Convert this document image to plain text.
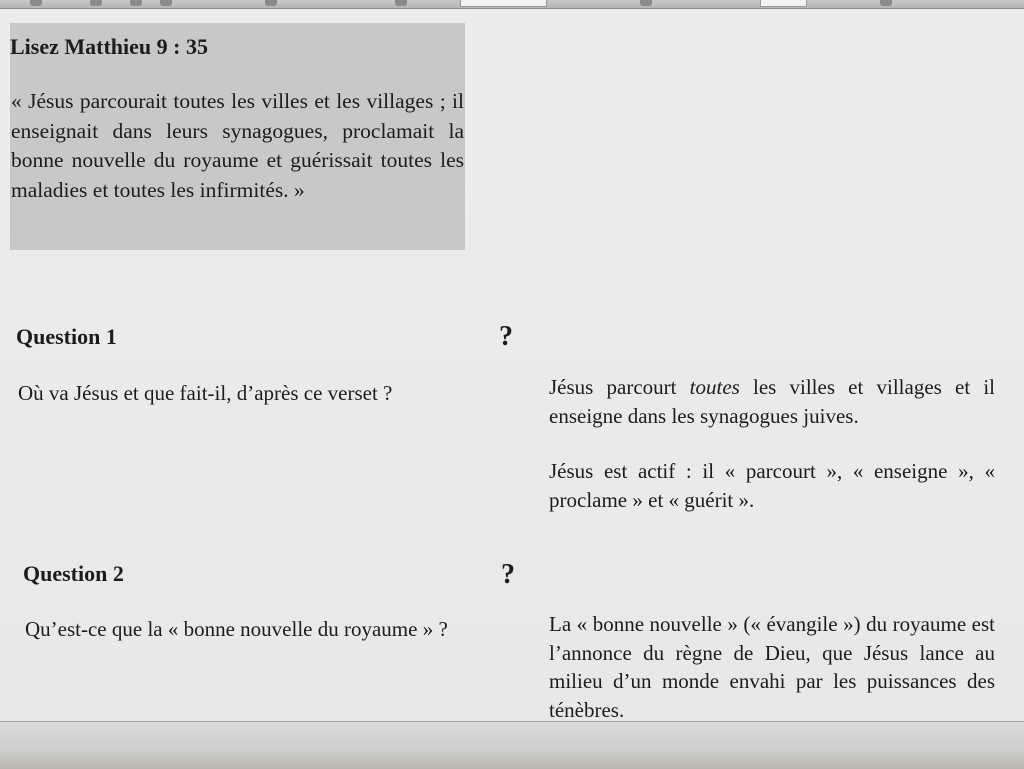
Lisez Matthieu 9 : 35

« Jésus parcourait toutes les villes et les villages ; il enseignait dans leurs synagogues, proclamait la bonne nouvelle du royaume et guérissait toutes les maladies et toutes les infirmités. »

Question 1	?

Où va Jésus et que fait-il, d’après ce verset ?	Jésus parcourt toutes les villes et villages et il enseigne dans les synagogues juives.
Jésus est actif : il « parcourt », « enseigne », « proclame » et « guérit ».

Question 2	?

Qu’est-ce que la « bonne nouvelle du royaume » ?	La « bonne nouvelle » (« évangile ») du royaume est l’annonce du règne de Dieu, que Jésus lance au milieu d’un monde envahi par les puissances des ténèbres.
